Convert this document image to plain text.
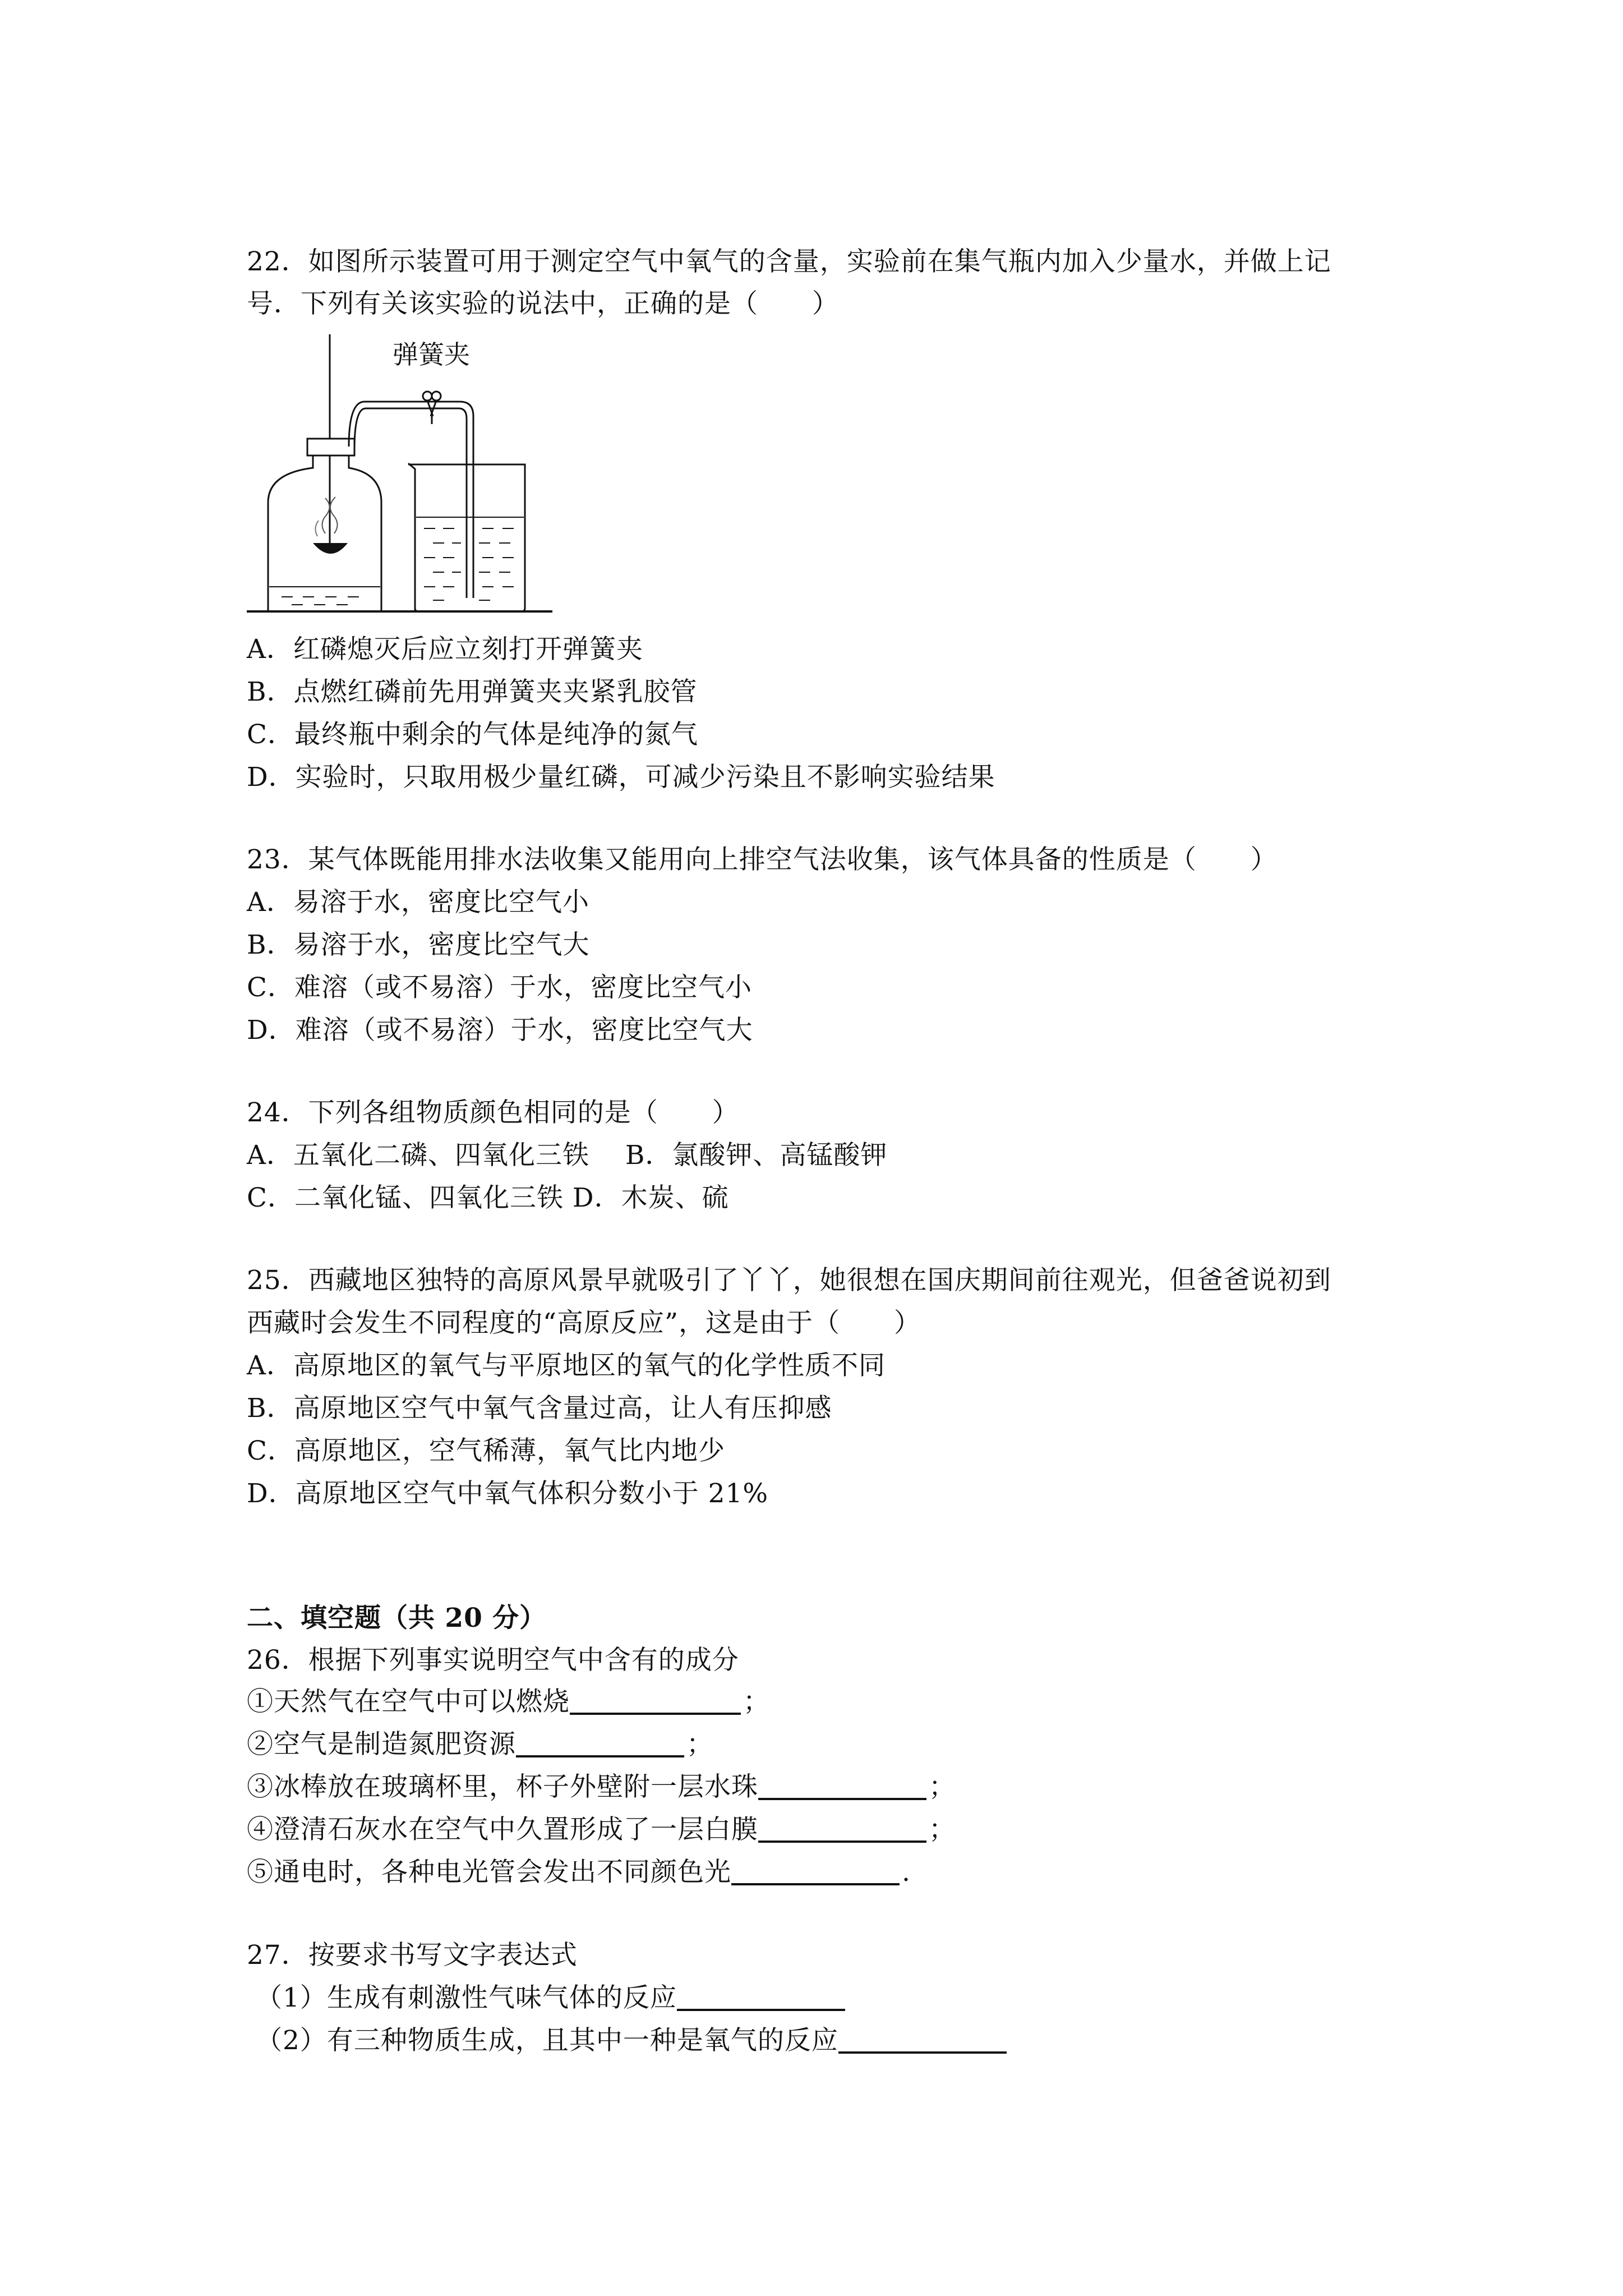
22．如图所示装置可用于测定空气中氧气的含量，实验前在集气瓶内加入少量水，并做上记
号．下列有关该实验的说法中，正确的是（　　）
弹簧夹
A．红磷熄灭后应立刻打开弹簧夹
B．点燃红磷前先用弹簧夹夹紧乳胶管
C．最终瓶中剩余的气体是纯净的氮气
D．实验时，只取用极少量红磷，可减少污染且不影响实验结果
23．某气体既能用排水法收集又能用向上排空气法收集，该气体具备的性质是（　　）
A．易溶于水，密度比空气小
B．易溶于水，密度比空气大
C．难溶（或不易溶）于水，密度比空气小
D．难溶（或不易溶）于水，密度比空气大
24．下列各组物质颜色相同的是（　　）
A．五氧化二磷、四氧化三铁　 B．氯酸钾、高锰酸钾
C．二氧化锰、四氧化三铁 D．木炭、硫
25．西藏地区独特的高原风景早就吸引了丫丫，她很想在国庆期间前往观光，但爸爸说初到
西藏时会发生不同程度的“高原反应”，这是由于（　　）
A．高原地区的氧气与平原地区的氧气的化学性质不同
B．高原地区空气中氧气含量过高，让人有压抑感
C．高原地区，空气稀薄，氧气比内地少
D．高原地区空气中氧气体积分数小于 21%
二、填空题（共 20 分）
26．根据下列事实说明空气中含有的成分
①天然气在空气中可以燃烧	；
②空气是制造氮肥资源	；
③冰棒放在玻璃杯里，杯子外壁附一层水珠	；
④澄清石灰水在空气中久置形成了一层白膜	；
⑤通电时，各种电光管会发出不同颜色光	.
27．按要求书写文字表达式
（1）生成有刺激性气味气体的反应
（2）有三种物质生成，且其中一种是氧气的反应
